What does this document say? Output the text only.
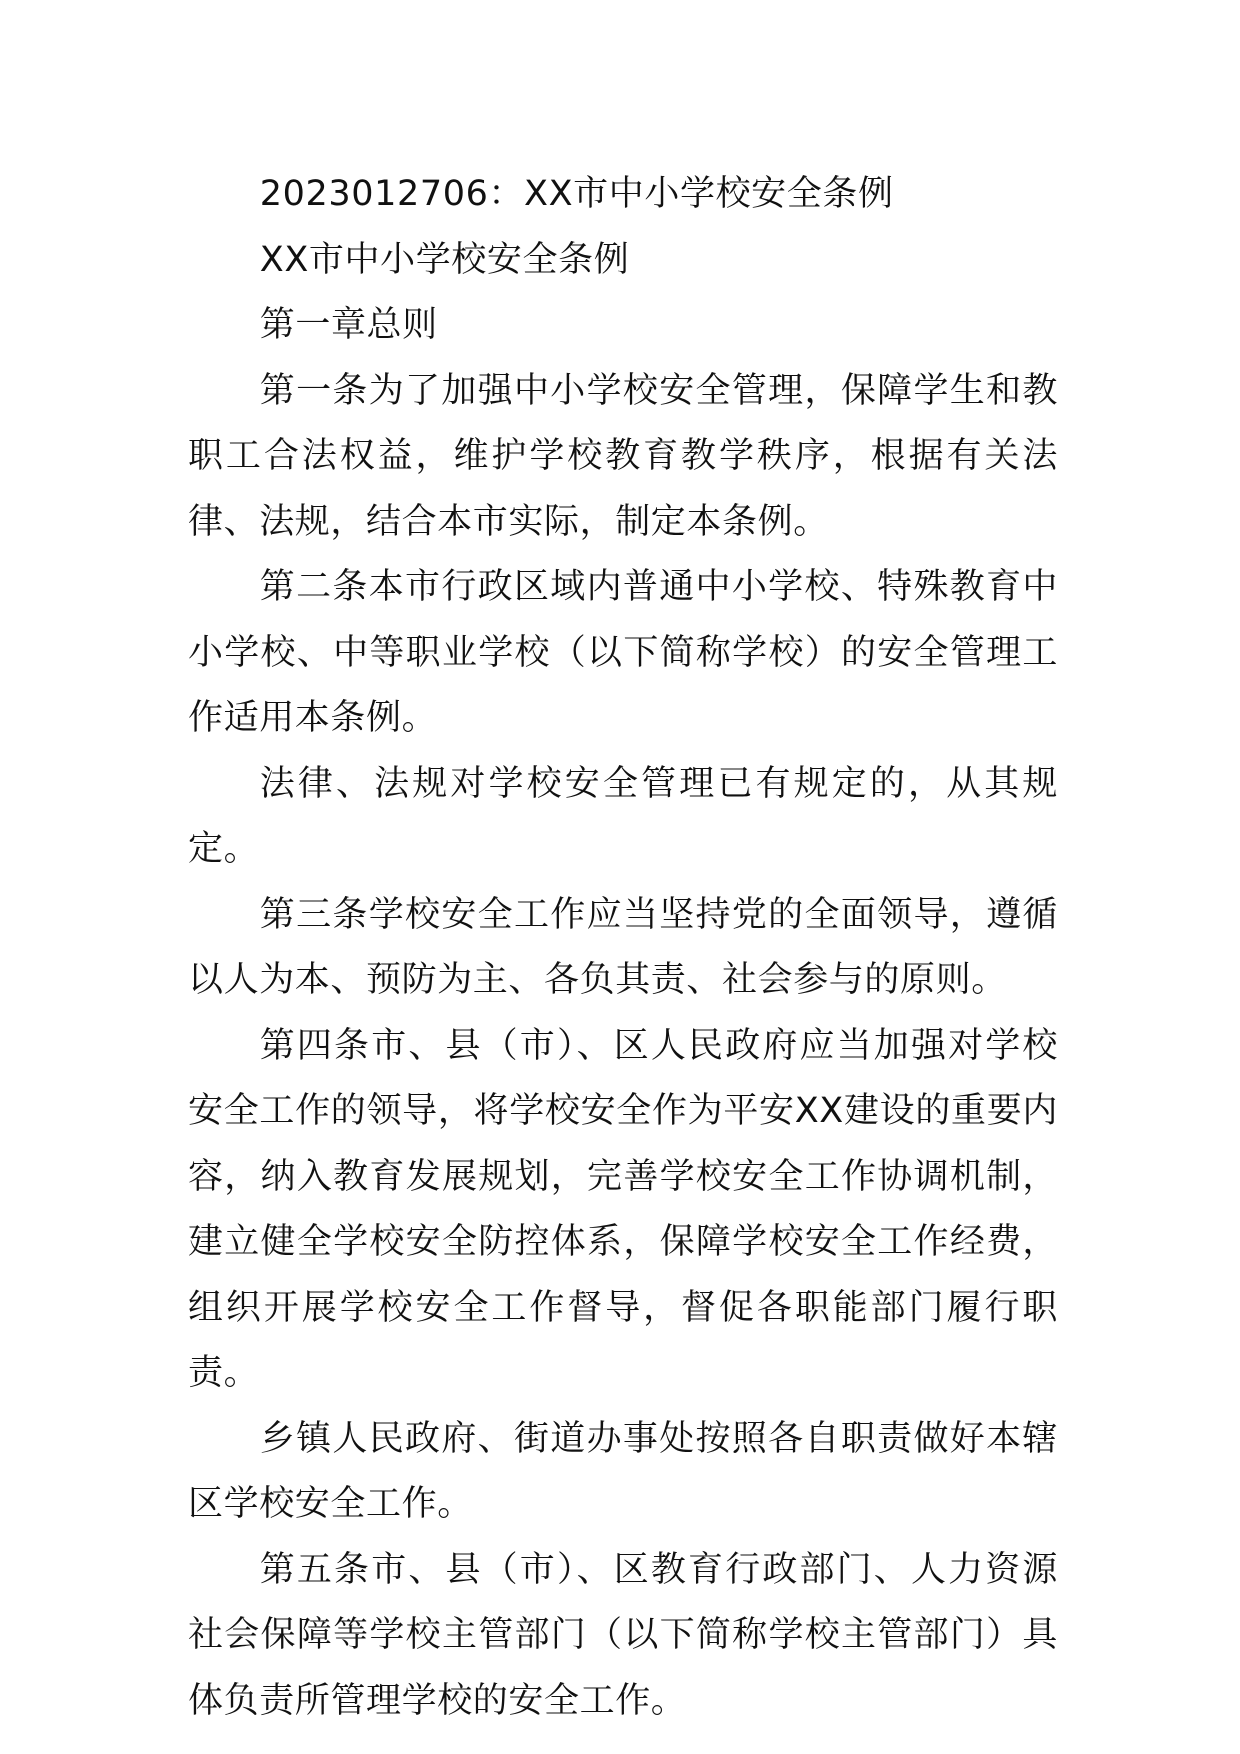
2023012706：XX市中小学校安全条例

XX市中小学校安全条例

第一章总则

第一条为了加强中小学校安全管理，保障学生和教职工合法权益，维护学校教育教学秩序，根据有关法律、法规，结合本市实际，制定本条例。

第二条本市行政区域内普通中小学校、特殊教育中小学校、中等职业学校（以下简称学校）的安全管理工作适用本条例。

法律、法规对学校安全管理已有规定的，从其规定。

第三条学校安全工作应当坚持党的全面领导，遵循以人为本、预防为主、各负其责、社会参与的原则。

第四条市、县（市）、区人民政府应当加强对学校安全工作的领导，将学校安全作为平安XX建设的重要内容，纳入教育发展规划，完善学校安全工作协调机制，建立健全学校安全防控体系，保障学校安全工作经费，组织开展学校安全工作督导，督促各职能部门履行职责。

乡镇人民政府、街道办事处按照各自职责做好本辖区学校安全工作。

第五条市、县（市）、区教育行政部门、人力资源社会保障等学校主管部门（以下简称学校主管部门）具体负责所管理学校的安全工作。
